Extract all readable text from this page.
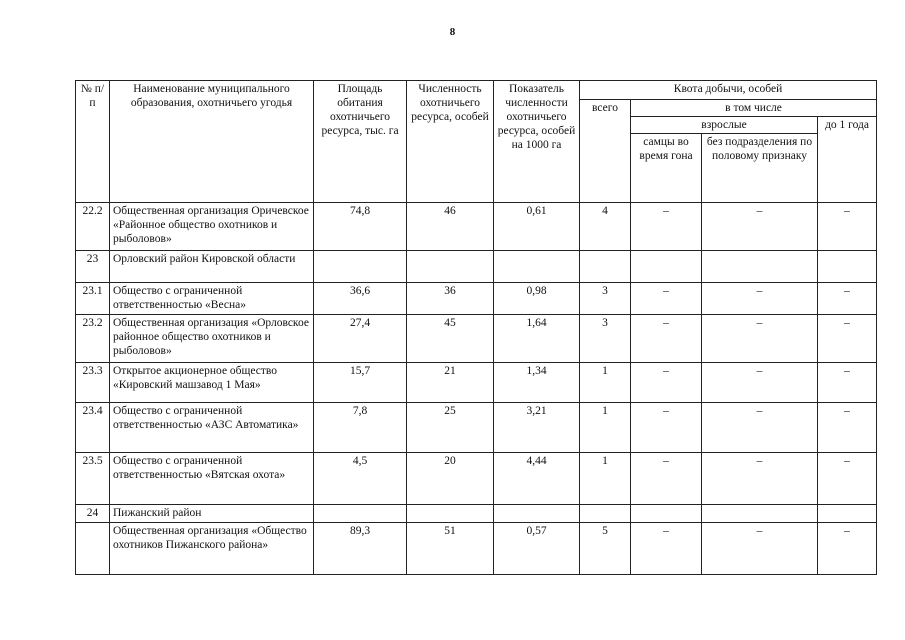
8
№ п/п	Наименование муниципального образования, охотничьего угодья	Площадь обитания охотничьего ресурса, тыс. га	Численность охотничьего ресурса, особей	Показатель численности охотничьего ресурса, особей на 1000 га	Квота добычи, особей			
					всего	в том числе		
						взрослые		до 1 года
						самцы во время гона	без подразделения по половому признаку	
22.2	Общественная организация Оричевское «Районное общество охотников и рыболовов»	74,8	46	0,61	4	–	–	–
23	Орловский район Кировской области							
23.1	Общество с ограниченной ответственностью «Весна»	36,6	36	0,98	3	–	–	–
23.2	Общественная организация «Орловское районное общество охотников и рыболовов»	27,4	45	1,64	3	–	–	–
23.3	Открытое акционерное общество «Кировский машзавод 1 Мая»	15,7	21	1,34	1	–	–	–
23.4	Общество с ограниченной ответственностью «АЗС Автоматика»	7,8	25	3,21	1	–	–	–
23.5	Общество с ограниченной ответственностью «Вятская охота»	4,5	20	4,44	1	–	–	–
24	Пижанский район							
	Общественная организация «Общество охотников Пижанского района»	89,3	51	0,57	5	–	–	–
